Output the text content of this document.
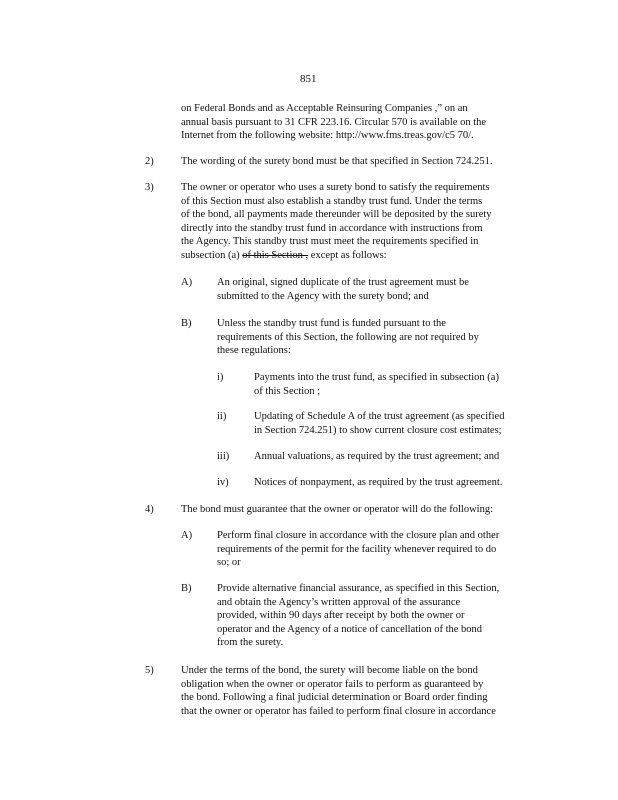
851
on Federal Bonds and as Acceptable Reinsuring Companies ,” on an
annual basis pursuant to 31 CFR 223.16. Circular 570 is available on the
Internet from the following website: http://www.fms.treas.gov/c5 70/.
2)	The wording of the surety bond must be that specified in Section 724.251.
3)	The owner or operator who uses a surety bond to satisfy the requirements
of this Section must also establish a standby trust fund. Under the terms
of the bond, all payments made thereunder will be deposited by the surety
directly into the standby trust fund in accordance with instructions from
the Agency. This standby trust must meet the requirements specified in
subsection (a) of this Section , except as follows:
A) An original, signed duplicate of the trust agreement must be
submitted to the Agency with the surety bond; and
B) Unless the standby trust fund is funded pursuant to the
requirements of this Section, the following are not required by
these regulations:
i)	Payments into the trust fund, as specified in subsection (a)
of this Section ;
ii)	Updating of Schedule A of the trust agreement (as specified
in Section 724.251) to show current closure cost estimates;
iii) Annual valuations, as required by the trust agreement; and
iv) Notices of nonpayment, as required by the trust agreement.
4)	The bond must guarantee that the owner or operator will do the following:
A) Perform final closure in accordance with the closure plan and other
requirements of the permit for the facility whenever required to do
so; or
B) Provide alternative financial assurance, as specified in this Section,
and obtain the Agency’s written approval of the assurance
provided, within 90 days after receipt by both the owner or
operator and the Agency of a notice of cancellation of the bond
from the surety.
5)	Under the terms of the bond, the surety will become liable on the bond
obligation when the owner or operator fails to perform as guaranteed by
the bond. Following a final judicial determination or Board order finding
that the owner or operator has failed to perform final closure in accordance
